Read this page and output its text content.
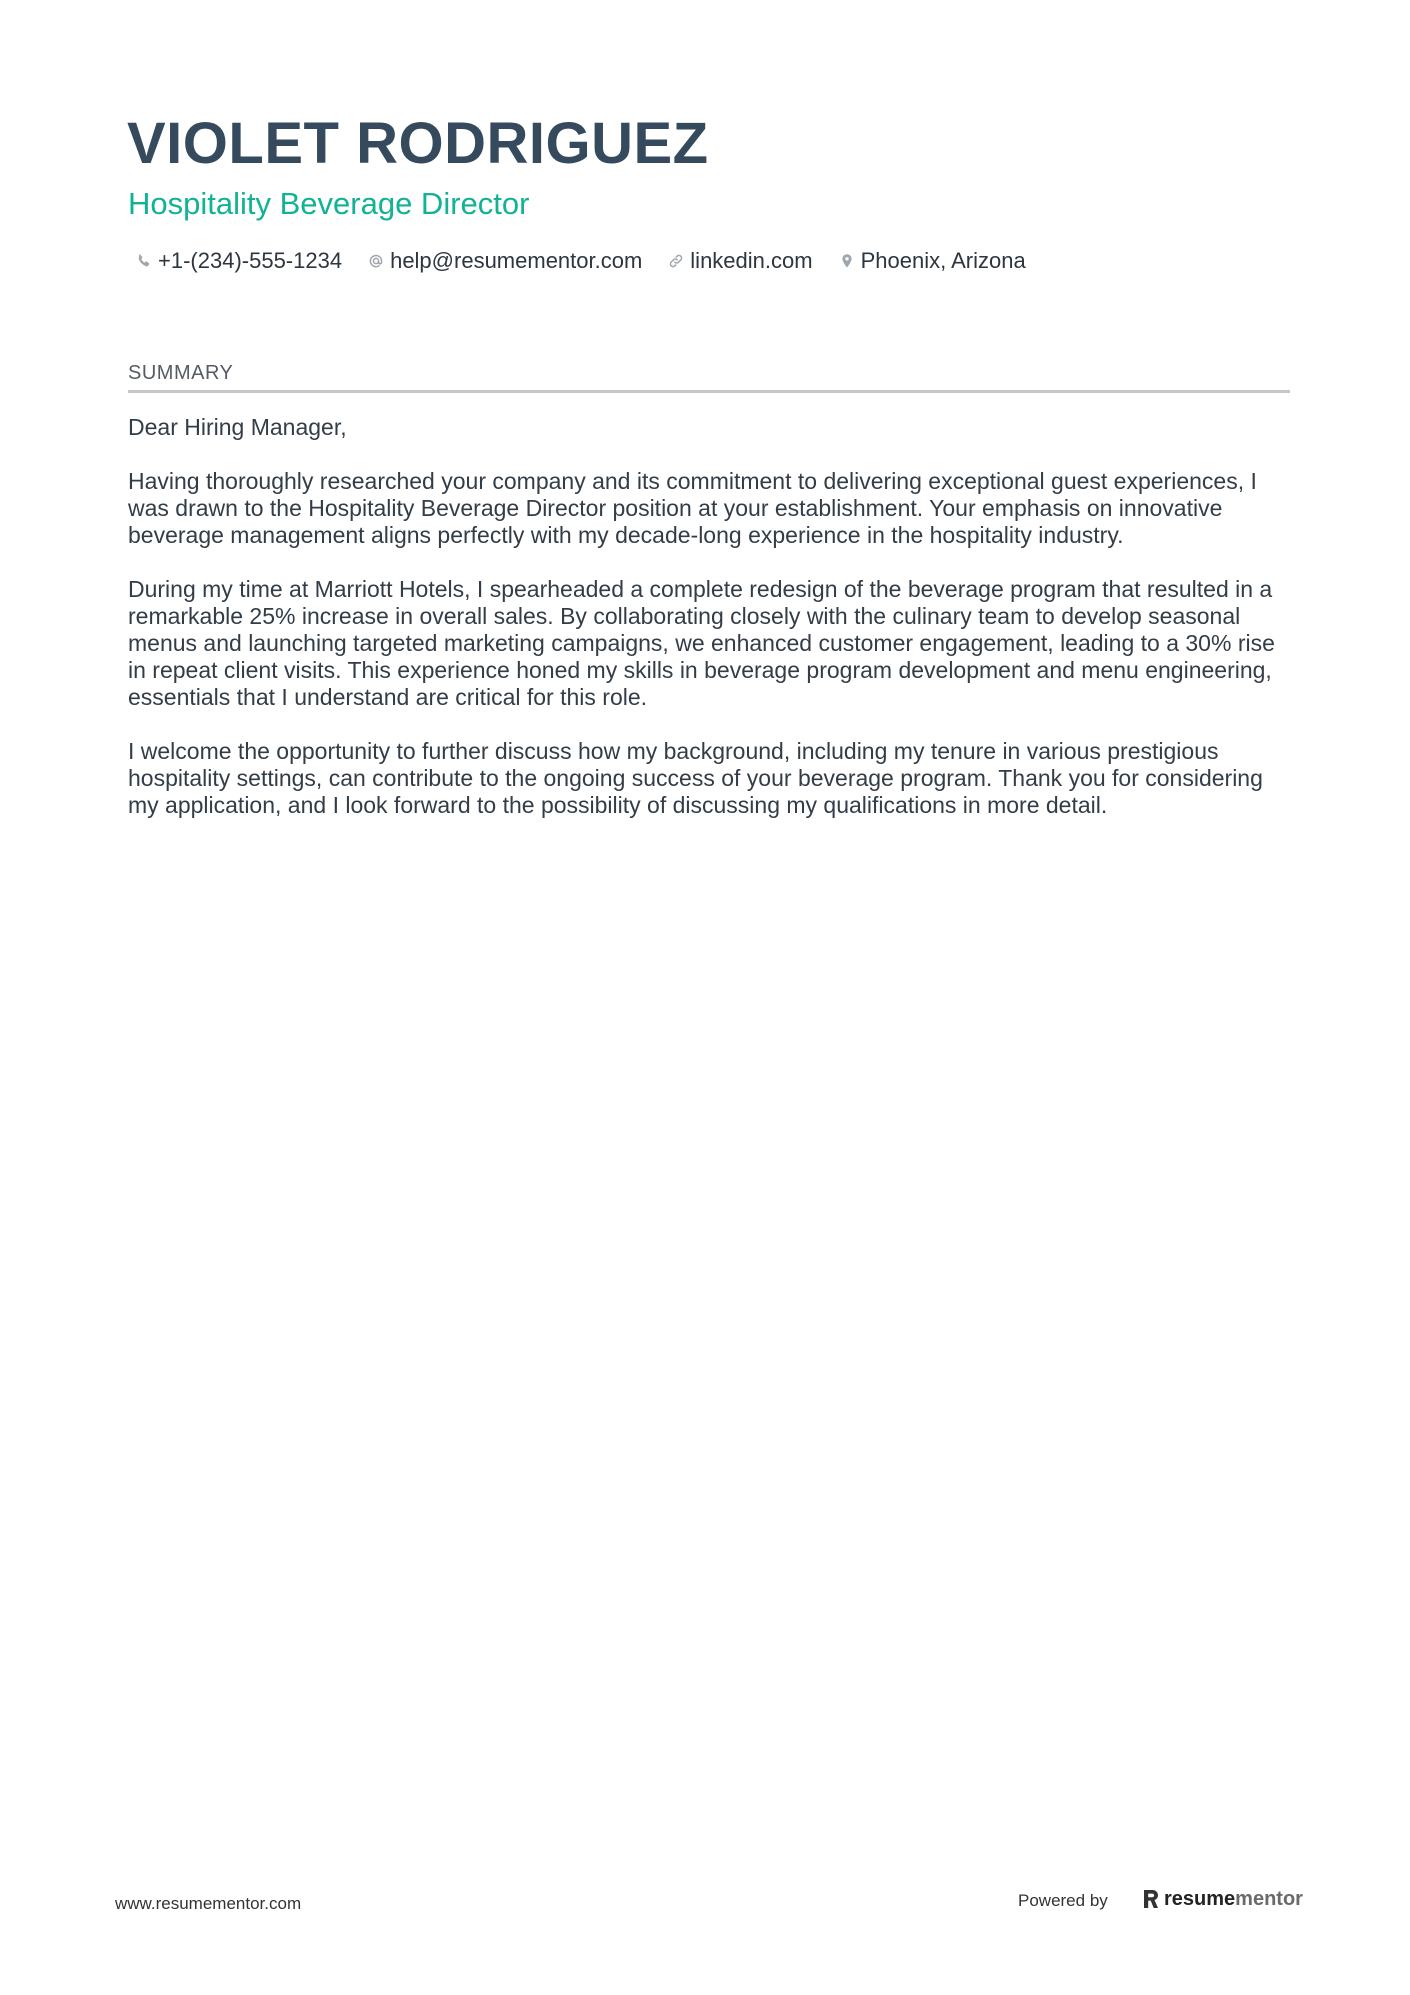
VIOLET RODRIGUEZ
Hospitality Beverage Director
+1-(234)-555-1234 help@resumementor.com linkedin.com Phoenix, Arizona
SUMMARY

Dear Hiring Manager,

Having thoroughly researched your company and its commitment to delivering exceptional guest experiences, I was drawn to the Hospitality Beverage Director position at your establishment. Your emphasis on innovative beverage management aligns perfectly with my decade-long experience in the hospitality industry.

During my time at Marriott Hotels, I spearheaded a complete redesign of the beverage program that resulted in a remarkable 25% increase in overall sales. By collaborating closely with the culinary team to develop seasonal menus and launching targeted marketing campaigns, we enhanced customer engagement, leading to a 30% rise in repeat client visits. This experience honed my skills in beverage program development and menu engineering, essentials that I understand are critical for this role.

I welcome the opportunity to further discuss how my background, including my tenure in various prestigious hospitality settings, can contribute to the ongoing success of your beverage program. Thank you for considering my application, and I look forward to the possibility of discussing my qualifications in more detail.

www.resumementor.com	Powered by	resume mentor
